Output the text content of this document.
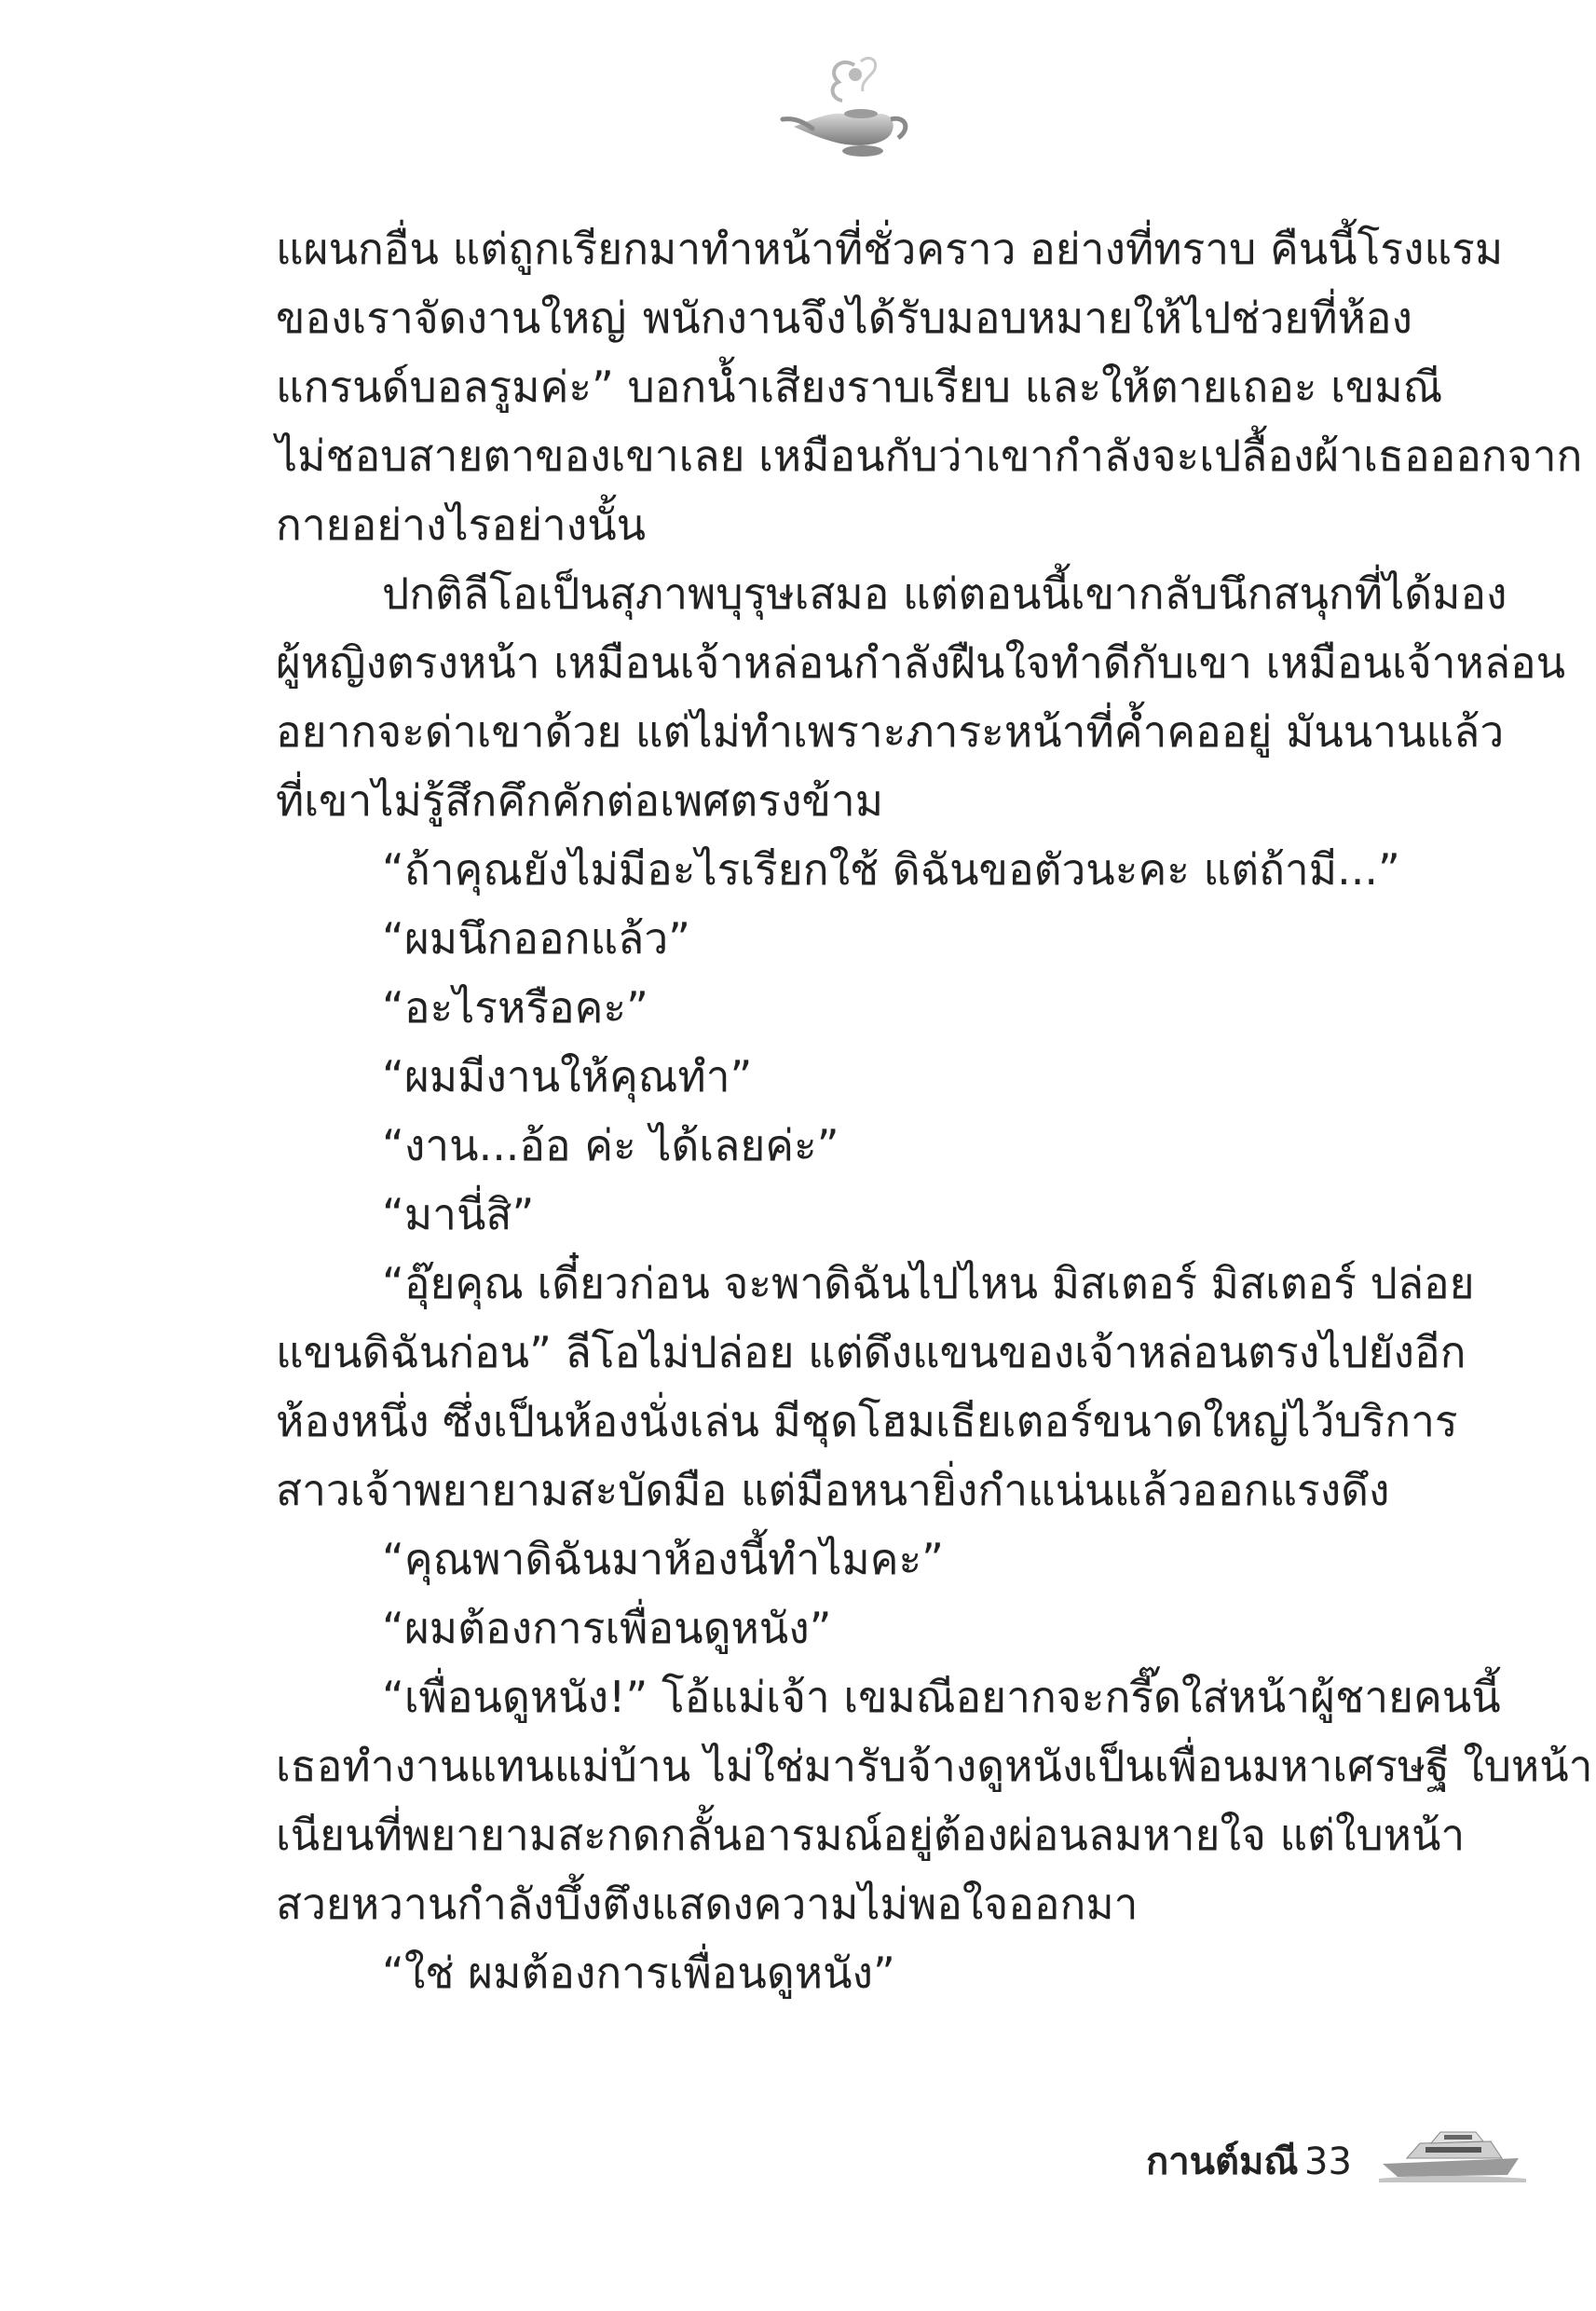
แผนกอื่น แต่ถูกเรียกมาทำหน้าที่ชั่วคราว อย่างที่ทราบ คืนนี้โรงแรม
ของเราจัดงานใหญ่ พนักงานจึงได้รับมอบหมายให้ไปช่วยที่ห้อง
แกรนด์บอลรูมค่ะ” บอกน้ำเสียงราบเรียบ และให้ตายเถอะ เขมณี
ไม่ชอบสายตาของเขาเลย เหมือนกับว่าเขากำลังจะเปลื้องผ้าเธอออกจาก
กายอย่างไรอย่างนั้น
ปกติลีโอเป็นสุภาพบุรุษเสมอ แต่ตอนนี้เขากลับนึกสนุกที่ได้มอง
ผู้หญิงตรงหน้า เหมือนเจ้าหล่อนกำลังฝืนใจทำดีกับเขา เหมือนเจ้าหล่อน
อยากจะด่าเขาด้วย แต่ไม่ทำเพราะภาระหน้าที่ค้ำคออยู่ มันนานแล้ว
ที่เขาไม่รู้สึกคึกคักต่อเพศตรงข้าม
“ถ้าคุณยังไม่มีอะไรเรียกใช้ ดิฉันขอตัวนะคะ แต่ถ้ามี...”
“ผมนึกออกแล้ว”
“อะไรหรือคะ”
“ผมมีงานให้คุณทำ”
“งาน...อ้อ ค่ะ ได้เลยค่ะ”
“มานี่สิ”
“อุ๊ยคุณ เดี๋ยวก่อน จะพาดิฉันไปไหน มิสเตอร์ มิสเตอร์ ปล่อย
แขนดิฉันก่อน” ลีโอไม่ปล่อย แต่ดึงแขนของเจ้าหล่อนตรงไปยังอีก
ห้องหนึ่ง ซึ่งเป็นห้องนั่งเล่น มีชุดโฮมเธียเตอร์ขนาดใหญ่ไว้บริการ
สาวเจ้าพยายามสะบัดมือ แต่มือหนายิ่งกำแน่นแล้วออกแรงดึง
“คุณพาดิฉันมาห้องนี้ทำไมคะ”
“ผมต้องการเพื่อนดูหนัง”
“เพื่อนดูหนัง!” โอ้แม่เจ้า เขมณีอยากจะกรี๊ดใส่หน้าผู้ชายคนนี้
เธอทำงานแทนแม่บ้าน ไม่ใช่มารับจ้างดูหนังเป็นเพื่อนมหาเศรษฐี ใบหน้า
เนียนที่พยายามสะกดกลั้นอารมณ์อยู่ต้องผ่อนลมหายใจ แต่ใบหน้า
สวยหวานกำลังบึ้งตึงแสดงความไม่พอใจออกมา
“ใช่ ผมต้องการเพื่อนดูหนัง”
กานต์มณี 33
